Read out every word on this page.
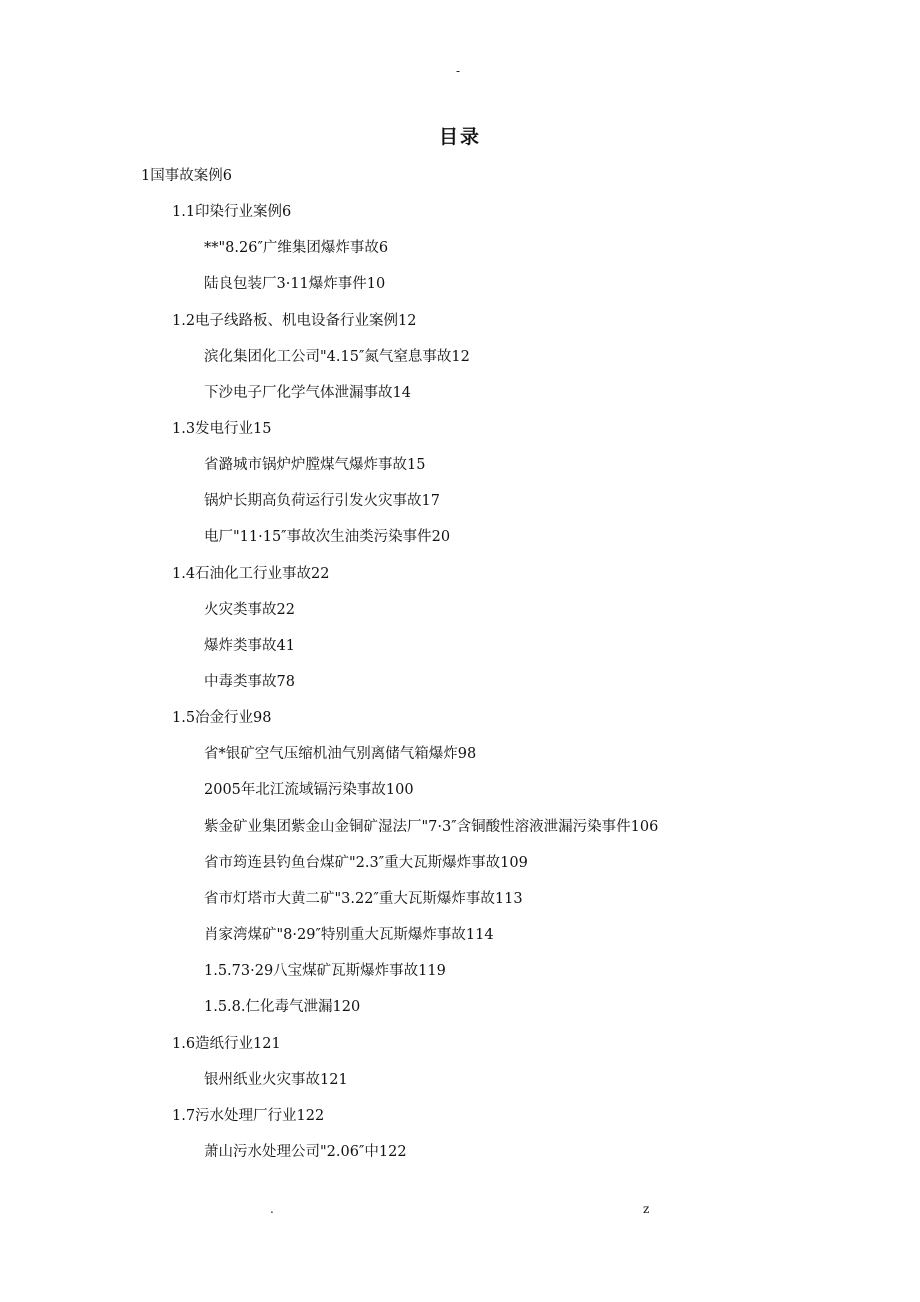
-
目录
1国事故案例6
1.1印染行业案例6
**"8.26″广维集团爆炸事故6
陆良包装厂3·11爆炸事件10
1.2电子线路板、机电设备行业案例12
滨化集团化工公司"4.15″氮气窒息事故12
下沙电子厂化学气体泄漏事故14
1.3发电行业15
省潞城市锅炉炉膛煤气爆炸事故15
锅炉长期高负荷运行引发火灾事故17
电厂"11·15″事故次生油类污染事件20
1.4石油化工行业事故22
火灾类事故22
爆炸类事故41
中毒类事故78
1.5冶金行业98
省*银矿空气压缩机油气别离储气箱爆炸98
2005年北江流域镉污染事故100
紫金矿业集团紫金山金铜矿湿法厂"7·3″含铜酸性溶液泄漏污染事件106
省市筠连县钓鱼台煤矿"2.3″重大瓦斯爆炸事故109
省市灯塔市大黄二矿"3.22″重大瓦斯爆炸事故113
肖家湾煤矿"8·29″特别重大瓦斯爆炸事故114
1.5.73·29八宝煤矿瓦斯爆炸事故119
1.5.8.仁化毒气泄漏120
1.6造纸行业121
银州纸业火灾事故121
1.7污水处理厂行业122
萧山污水处理公司"2.06″中122
.	z
